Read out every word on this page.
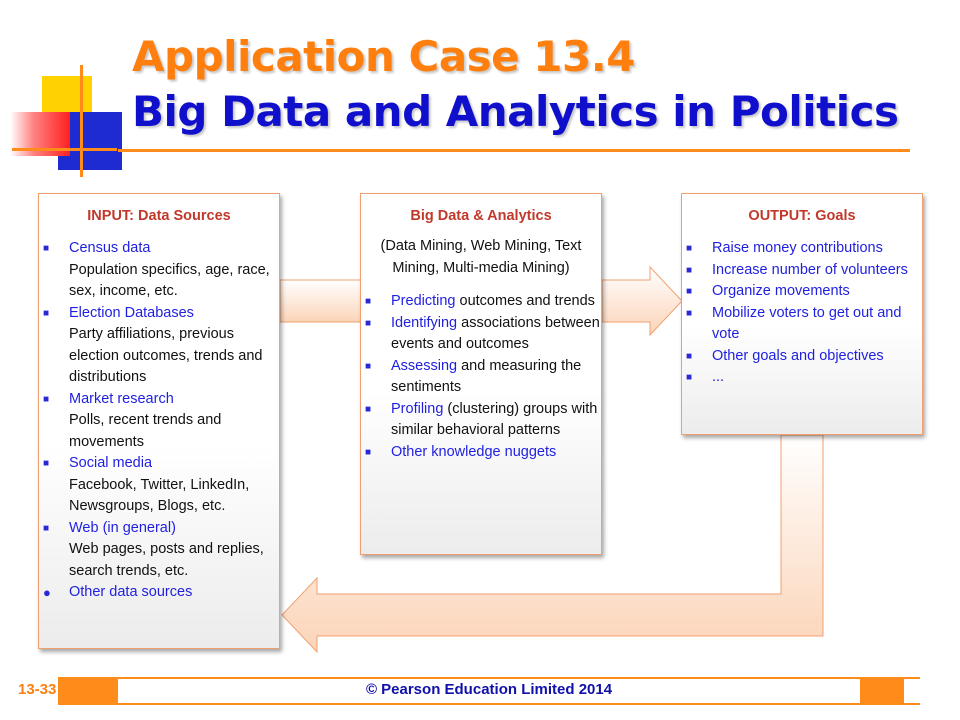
Application Case 13.4
Big Data and Analytics in Politics
INPUT: Data Sources
■ Census data
Population specifics, age, race, sex, income, etc.
■ Election Databases
Party affiliations, previous election outcomes, trends and distributions
■ Market research
Polls, recent trends and movements
■ Social media
Facebook, Twitter, LinkedIn, Newsgroups, Blogs, etc.
■ Web (in general)
Web pages, posts and replies, search trends, etc.
● Other data sources
Big Data & Analytics
(Data Mining, Web Mining, Text Mining, Multi-media Mining)
■ Predicting outcomes and trends
■ Identifying associations between events and outcomes
■ Assessing and measuring the sentiments
■ Profiling (clustering) groups with similar behavioral patterns
■ Other knowledge nuggets
OUTPUT: Goals
■ Raise money contributions
■ Increase number of volunteers
■ Organize movements
■ Mobilize voters to get out and vote
■ Other goals and objectives
■ ...
13-33	© Pearson Education Limited 2014
